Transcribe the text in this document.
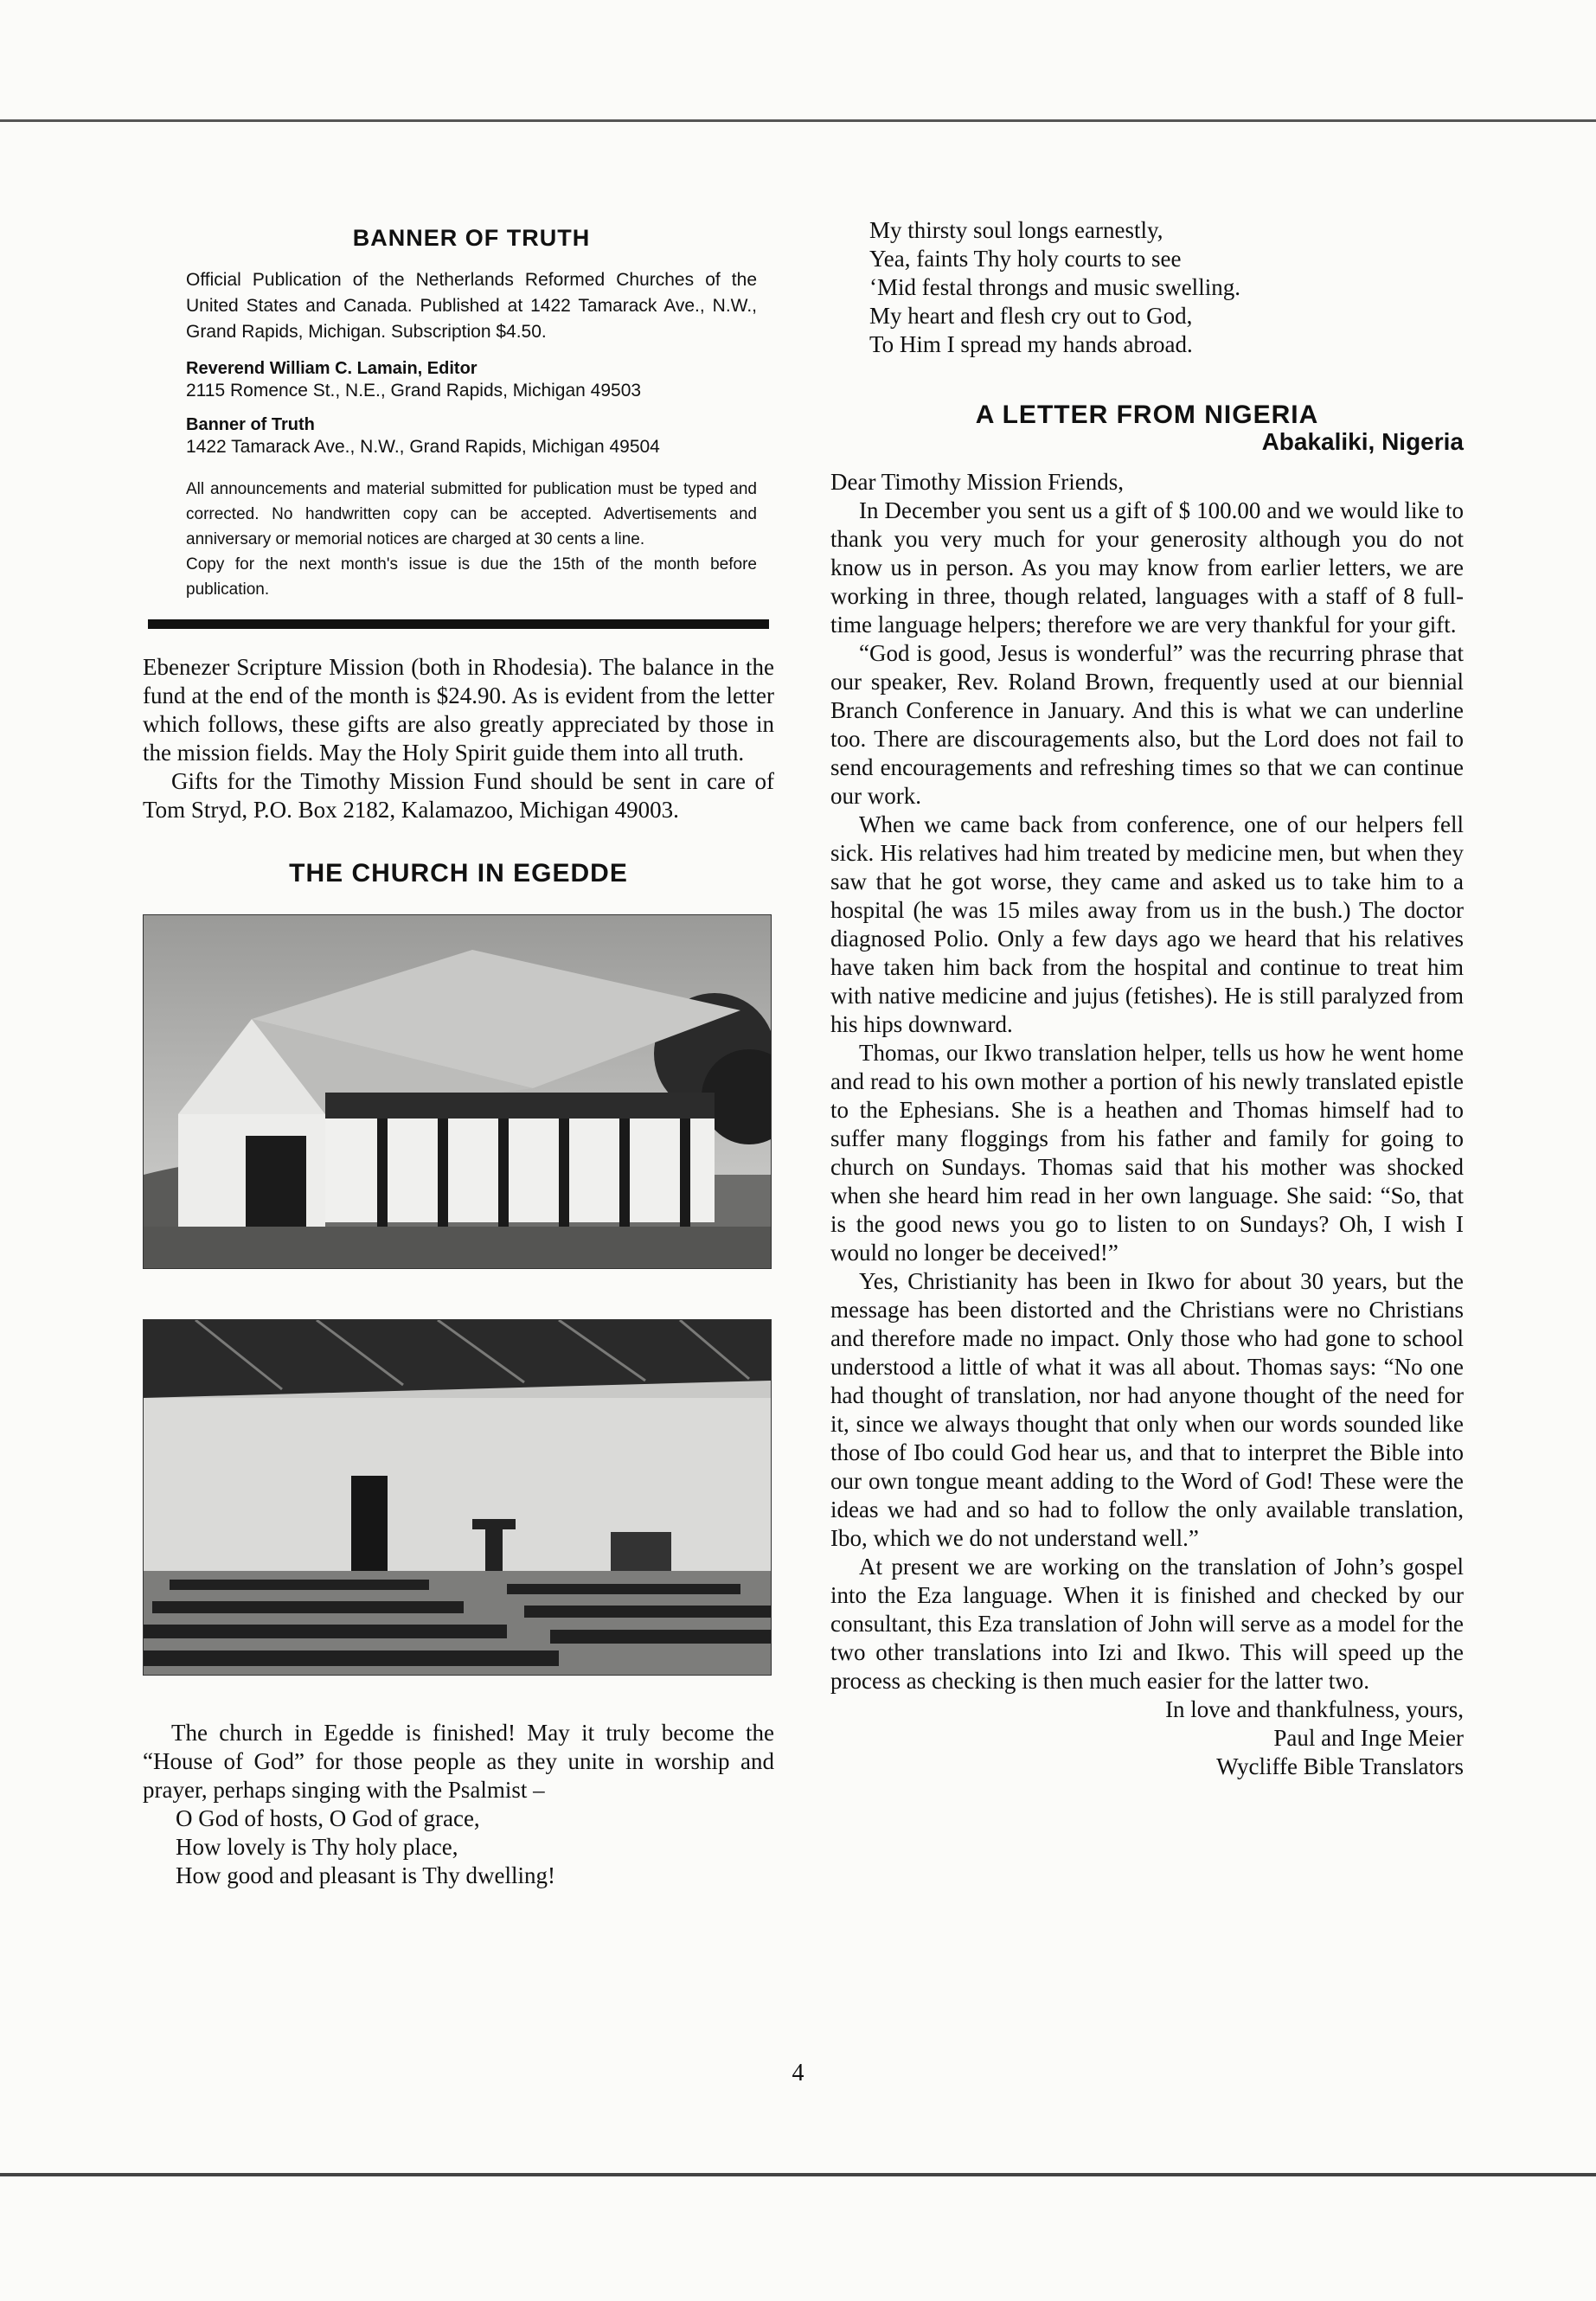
BANNER OF TRUTH

Official Publication of the Netherlands Reformed Churches of the United States and Canada. Published at 1422 Tamarack Ave., N.W., Grand Rapids, Michigan. Subscription $4.50.

Reverend William C. Lamain, Editor

2115 Romence St., N.E., Grand Rapids, Michigan 49503

Banner of Truth

1422 Tamarack Ave., N.W., Grand Rapids, Michigan 49504

All announcements and material submitted for publication must be typed and corrected. No handwritten copy can be accepted. Advertisements and anniversary or memorial notices are charged at 30 cents a line.

Copy for the next month's issue is due the 15th of the month before publication.

Ebenezer Scripture Mission (both in Rhodesia). The balance in the fund at the end of the month is $24.90. As is evident from the letter which follows, these gifts are also greatly appreciated by those in the mission fields. May the Holy Spirit guide them into all truth.

Gifts for the Timothy Mission Fund should be sent in care of Tom Stryd, P.O. Box 2182, Kalamazoo, Michigan 49003.

THE CHURCH IN EGEDDE

The church in Egedde is finished! May it truly become the “House of God” for those people as they unite in worship and prayer, perhaps singing with the Psalmist –

O God of hosts, O God of grace,
How lovely is Thy holy place,
How good and pleasant is Thy dwelling!
My thirsty soul longs earnestly,
Yea, faints Thy holy courts to see
‘Mid festal throngs and music swelling.
My heart and flesh cry out to God,
To Him I spread my hands abroad.
A LETTER FROM NIGERIA
Abakaliki, Nigeria

Dear Timothy Mission Friends,

In December you sent us a gift of $ 100.00 and we would like to thank you very much for your generosity although you do not know us in person. As you may know from earlier letters, we are working in three, though related, languages with a staff of 8 full-time language helpers; therefore we are very thankful for your gift.

“God is good, Jesus is wonderful” was the recurring phrase that our speaker, Rev. Roland Brown, frequently used at our biennial Branch Conference in January. And this is what we can underline too. There are discouragements also, but the Lord does not fail to send encouragements and refreshing times so that we can continue our work.

When we came back from conference, one of our helpers fell sick. His relatives had him treated by medicine men, but when they saw that he got worse, they came and asked us to take him to a hospital (he was 15 miles away from us in the bush.) The doctor diagnosed Polio. Only a few days ago we heard that his relatives have taken him back from the hospital and continue to treat him with native medicine and jujus (fetishes). He is still paralyzed from his hips downward.

Thomas, our Ikwo translation helper, tells us how he went home and read to his own mother a portion of his newly translated epistle to the Ephesians. She is a heathen and Thomas himself had to suffer many floggings from his father and family for going to church on Sundays. Thomas said that his mother was shocked when she heard him read in her own language. She said: “So, that is the good news you go to listen to on Sundays? Oh, I wish I would no longer be deceived!”

Yes, Christianity has been in Ikwo for about 30 years, but the message has been distorted and the Christians were no Christians and therefore made no impact. Only those who had gone to school understood a little of what it was all about. Thomas says: “No one had thought of translation, nor had anyone thought of the need for it, since we always thought that only when our words sounded like those of Ibo could God hear us, and that to interpret the Bible into our own tongue meant adding to the Word of God! These were the ideas we had and so had to follow the only available translation, Ibo, which we do not understand well.”

At present we are working on the translation of John’s gospel into the Eza language. When it is finished and checked by our consultant, this Eza translation of John will serve as a model for the two other translations into Izi and Ikwo. This will speed up the process as checking is then much easier for the latter two.

In love and thankfulness, yours,
Paul and Inge Meier
Wycliffe Bible Translators
4
